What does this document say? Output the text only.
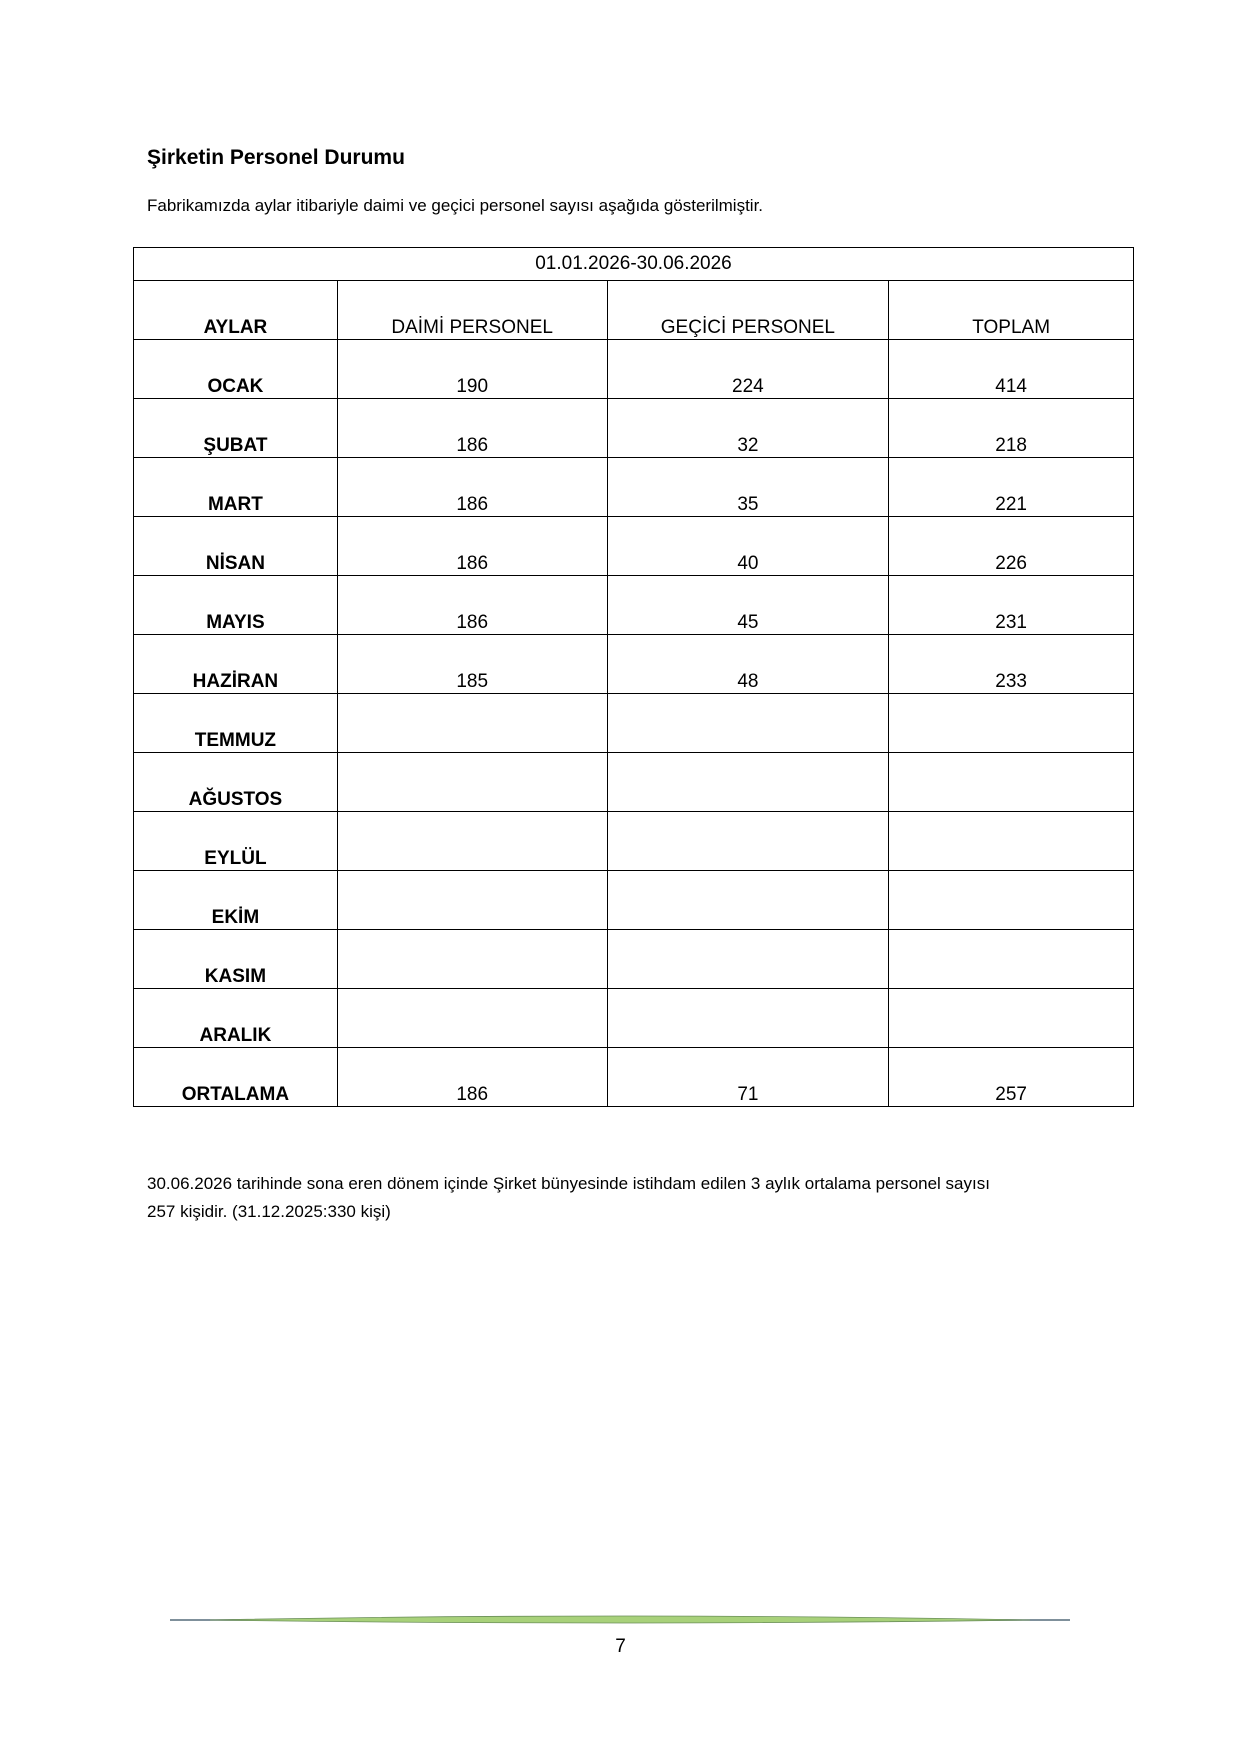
Şirketin Personel Durumu

Fabrikamızda aylar itibariyle daimi ve geçici personel sayısı aşağıda gösterilmiştir.

01.01.2026-30.06.2026			
AYLAR	DAİMİ PERSONEL	GEÇİCİ PERSONEL	TOPLAM
OCAK	190	224	414
ŞUBAT	186	32	218
MART	186	35	221
NİSAN	186	40	226
MAYIS	186	45	231
HAZİRAN	185	48	233
TEMMUZ			
AĞUSTOS			
EYLÜL			
EKİM			
KASIM			
ARALIK			
ORTALAMA	186	71	257

30.06.2026 tarihinde sona eren dönem içinde Şirket bünyesinde istihdam edilen 3 aylık ortalama personel sayısı
257 kişidir. (31.12.2025:330 kişi)

7
